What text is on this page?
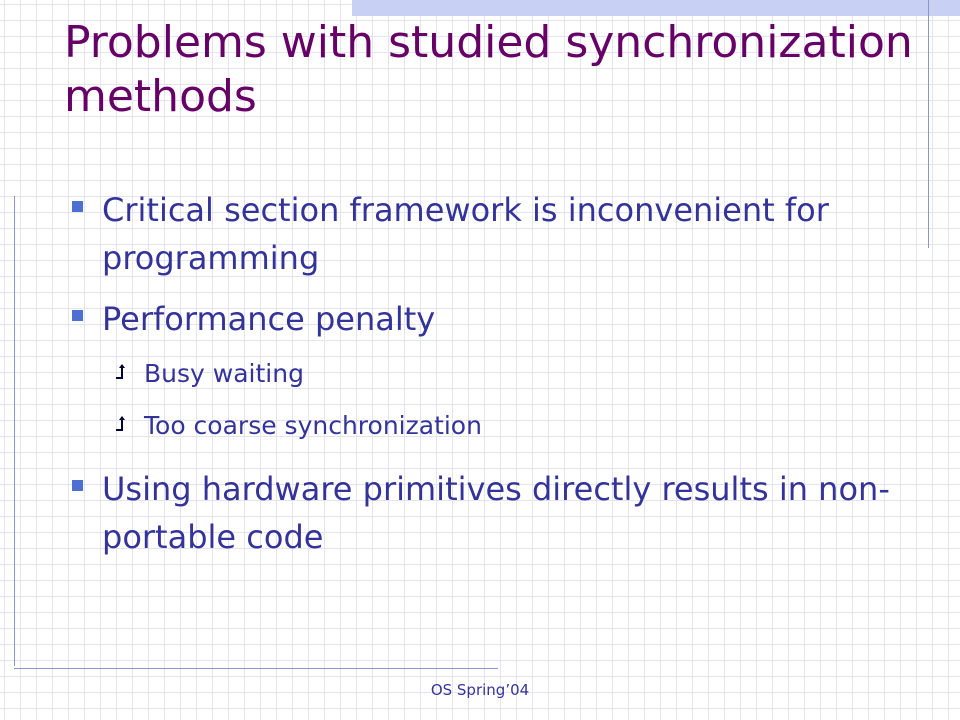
Problems with studied synchronization methods
Critical section framework is inconvenient for programming
Performance penalty
Busy waiting
Too coarse synchronization
Using hardware primitives directly results in non-portable code
OS Spring’04
